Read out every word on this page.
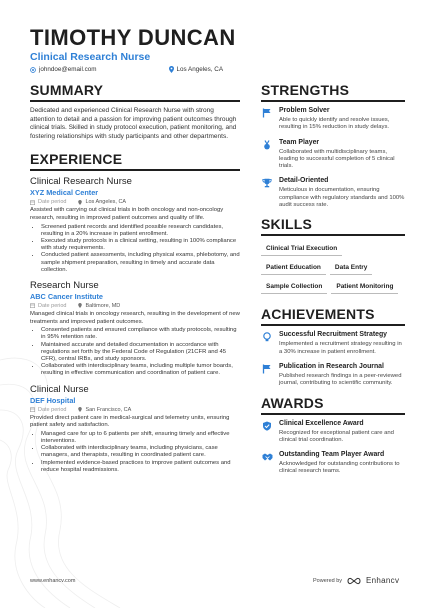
TIMOTHY DUNCAN
Clinical Research Nurse
johndoe@email.com	Los Angeles, CA
SUMMARY

Dedicated and experienced Clinical Research Nurse with strong attention to detail and a passion for improving patient outcomes through clinical trials. Skilled in study protocol execution, patient monitoring, and fostering relationships with study participants and other departments.

EXPERIENCE
Clinical Research Nurse
XYZ Medical Center
Date period	Los Angeles, CA
Assisted with carrying out clinical trials in both oncology and non-oncology research, resulting in improved patient outcomes and quality of life.
• Screened patient records and identified possible research candidates, resulting in a 20% increase in patient enrollment.
• Executed study protocols in a clinical setting, resulting in 100% compliance with study requirements.
• Conducted patient assessments, including physical exams, phlebotomy, and sample shipment preparation, resulting in timely and accurate data collection.
Research Nurse
ABC Cancer Institute
Date period	Baltimore, MD
Managed clinical trials in oncology research, resulting in the development of new treatments and improved patient outcomes.
• Consented patients and ensured compliance with study protocols, resulting in 95% retention rate.
• Maintained accurate and detailed documentation in accordance with regulations set forth by the Federal Code of Regulation (21CFR and 45 CFR), central IRBs, and study sponsors.
• Collaborated with interdisciplinary teams, including multiple tumor boards, resulting in effective communication and coordination of patient care.
Clinical Nurse
DEF Hospital
Date period	San Francisco, CA
Provided direct patient care in medical-surgical and telemetry units, ensuring patient safety and satisfaction.
• Managed care for up to 6 patients per shift, ensuring timely and effective interventions.
• Collaborated with interdisciplinary teams, including physicians, case managers, and therapists, resulting in coordinated patient care.
• Implemented evidence-based practices to improve patient outcomes and reduce hospital readmissions.
STRENGTHS
Problem Solver
Able to quickly identify and resolve issues, resulting in 15% reduction in study delays.
Team Player
Collaborated with multidisciplinary teams, leading to successful completion of 5 clinical trials.
Detail-Oriented
Meticulous in documentation, ensuring compliance with regulatory standards and 100% audit success rate.
SKILLS
Clinical Trial Execution
Patient Education	Data Entry
Sample Collection	Patient Monitoring
ACHIEVEMENTS
Successful Recruitment Strategy
Implemented a recruitment strategy resulting in a 30% increase in patient enrollment.
Publication in Research Journal
Published research findings in a peer-reviewed journal, contributing to scientific community.
AWARDS
Clinical Excellence Award
Recognized for exceptional patient care and clinical trial coordination.
Outstanding Team Player Award
Acknowledged for outstanding contributions to clinical research teams.
www.enhancv.com	Powered by	Enhancv
